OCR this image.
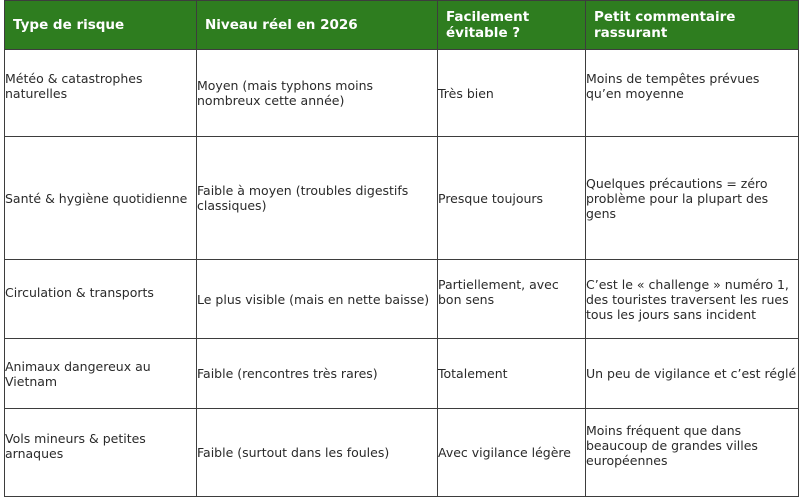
Type de risque	Niveau réel en 2026	Facilement évitable ?	Petit commentaire rassurant

Météo & catastrophes naturelles	Moyen (mais typhons moins nombreux cette année)	Très bien	Moins de tempêtes prévues qu’en moyenne

Santé & hygiène quotidienne	Faible à moyen (troubles digestifs classiques)	Presque toujours	Quelques précautions = zéro problème pour la plupart des gens

Circulation & transports	Le plus visible (mais en nette baisse)	Partiellement, avec bon sens	C’est le « challenge » numéro 1, des touristes traversent les rues tous les jours sans incident

Animaux dangereux au Vietnam	Faible (rencontres très rares)	Totalement	Un peu de vigilance et c’est réglé

Vols mineurs & petites arnaques	Faible (surtout dans les foules)	Avec vigilance légère	Moins fréquent que dans beaucoup de grandes villes européennes
